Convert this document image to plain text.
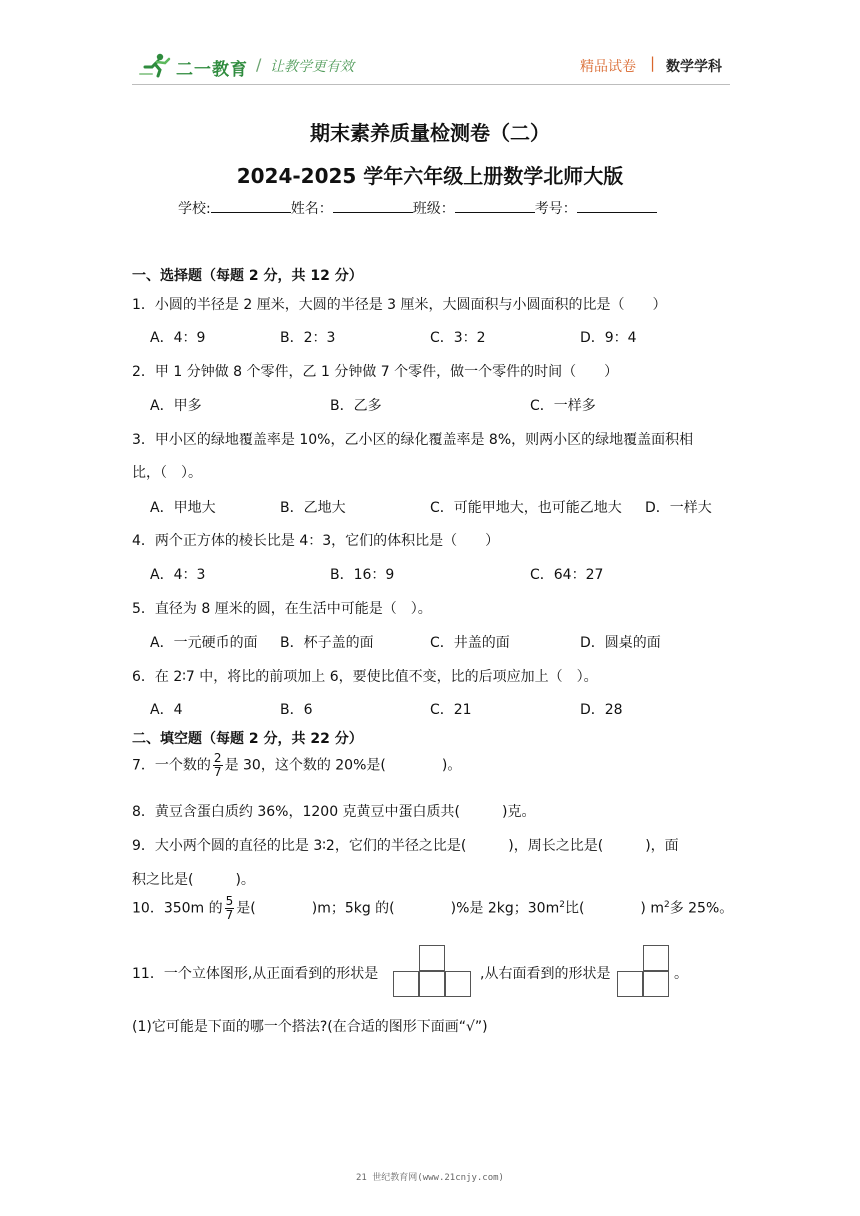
二一教育 / 让教学更有效	精品试卷 | 数学学科
期末素养质量检测卷（二）
2024-2025 学年六年级上册数学北师大版
学校:	姓名：	班级：	考号：
一、选择题（每题 2 分，共 12 分）
1．小圆的半径是 2 厘米，大圆的半径是 3 厘米，大圆面积与小圆面积的比是（　　）
A．4：9	B．2：3	C．3：2	D．9：4
2．甲 1 分钟做 8 个零件，乙 1 分钟做 7 个零件，做一个零件的时间（　　）
A．甲多	B．乙多	C．一样多
3．甲小区的绿地覆盖率是 10%，乙小区的绿化覆盖率是 8%，则两小区的绿地覆盖面积相
比，（　）。
A．甲地大	B．乙地大	C．可能甲地大，也可能乙地大 D．一样大
4．两个正方体的棱长比是 4：3，它们的体积比是（　　）
A．4：3	B．16：9	C．64：27
5．直径为 8 厘米的圆，在生活中可能是（　）。
A．一元硬币的面 B．杯子盖的面	C．井盖的面	D．圆桌的面
6．在 2∶7 中，将比的前项加上 6，要使比值不变，比的后项应加上（　）。
A．4	B．6	C．21	D．28
二、填空题（每题 2 分，共 22 分）
7．一个数的 $\frac{2}{7}$ 是 30，这个数的 20%是(　　　　)。
8．黄豆含蛋白质约 36%，1200 克黄豆中蛋白质共(　　　)克。
9．大小两个圆的直径的比是 3∶2，它们的半径之比是(　　　)，周长之比是(　　　)，面
积之比是(　　　)。
10．350m 的 $\frac{5}{7}$ 是(　　　　)m；5kg 的(　　　　)%是 2kg；$30m^2$比(　　　　) $m^2$多 25%。
11．一个立体图形,从正面看到的形状是	,从右面看到的形状是	。
(1)它可能是下面的哪一个搭法?(在合适的图形下面画“√”)
21 世纪教育网(www.21cnjy.com)
